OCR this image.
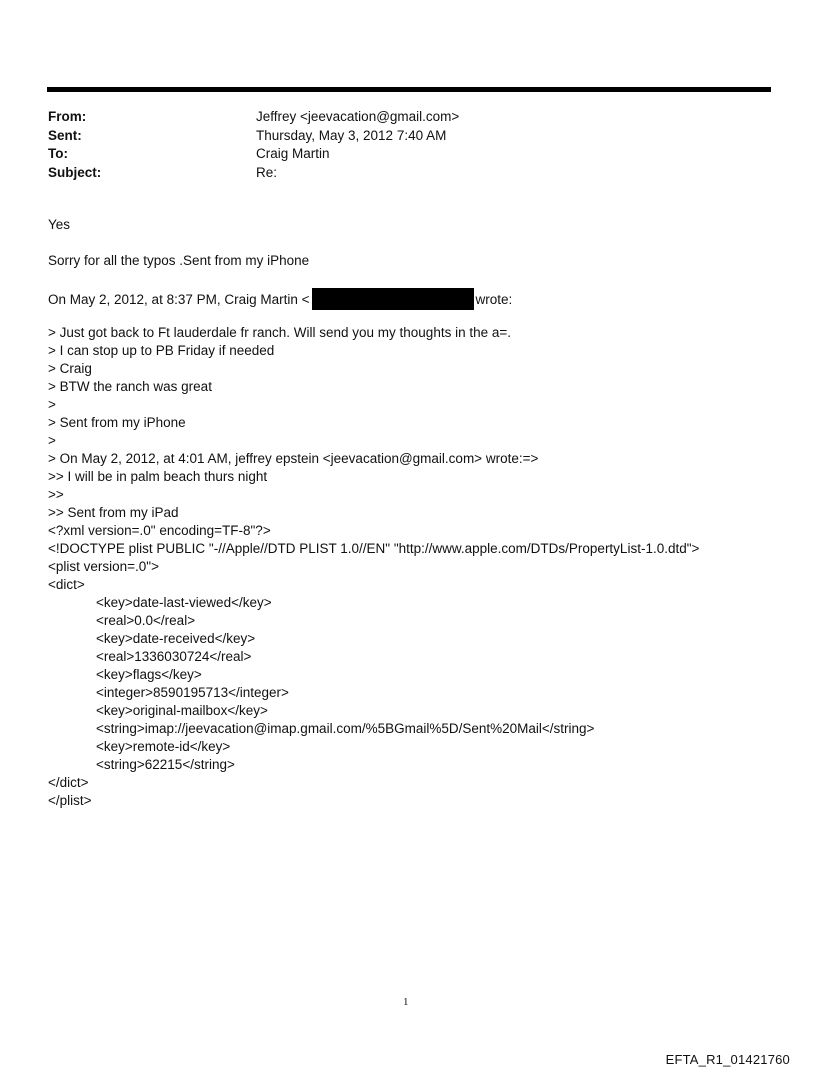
From:	Jeffrey <jeevacation@gmail.com>
Sent:	Thursday, May 3, 2012 7:40 AM
To:	Craig Martin
Subject:	Re:
Yes
Sorry for all the typos .Sent from my iPhone
On May 2, 2012, at 8:37 PM, Craig Martin <	wrote:
> Just got back to Ft lauderdale fr ranch. Will send you my thoughts in the a=.
> I can stop up to PB Friday if needed
> Craig
> BTW the ranch was great
>
> Sent from my iPhone
>
> On May 2, 2012, at 4:01 AM, jeffrey epstein <jeevacation@gmail.com> wrote:=>
>> I will be in palm beach thurs night
>>
>> Sent from my iPad
<?xml version=.0" encoding=TF-8"?>
<!DOCTYPE plist PUBLIC "-//Apple//DTD PLIST 1.0//EN" "http://www.apple.com/DTDs/PropertyList-1.0.dtd">
<plist version=.0">
<dict>
<key>date-last-viewed</key>
<real>0.0</real>
<key>date-received</key>
<real>1336030724</real>
<key>flags</key>
<integer>8590195713</integer>
<key>original-mailbox</key>
<string>imap://jeevacation@imap.gmail.com/%5BGmail%5D/Sent%20Mail</string>
<key>remote-id</key>
<string>62215</string>
</dict>
</plist>
1
EFTA_R1_01421760
